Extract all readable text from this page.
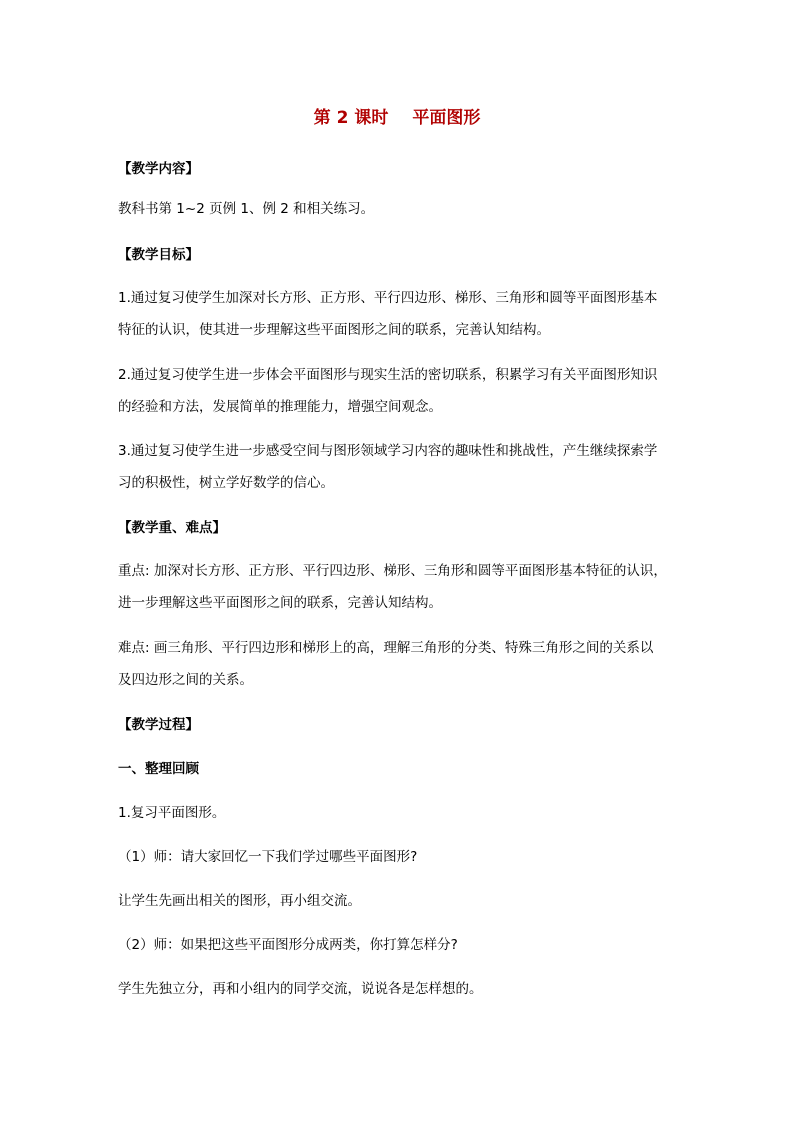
第 2 课时 平面图形
【教学内容】
教科书第 1~2 页例 1、例 2 和相关练习。
【教学目标】
1.通过复习使学生加深对长方形、正方形、平行四边形、梯形、三角形和圆等平面图形基本
特征的认识，使其进一步理解这些平面图形之间的联系，完善认知结构。
2.通过复习使学生进一步体会平面图形与现实生活的密切联系，积累学习有关平面图形知识
的经验和方法，发展简单的推理能力，增强空间观念。
3.通过复习使学生进一步感受空间与图形领域学习内容的趣味性和挑战性，产生继续探索学
习的积极性，树立学好数学的信心。
【教学重、难点】
重点: 加深对长方形、正方形、平行四边形、梯形、三角形和圆等平面图形基本特征的认识，
进一步理解这些平面图形之间的联系，完善认知结构。
难点: 画三角形、平行四边形和梯形上的高，理解三角形的分类、特殊三角形之间的关系以
及四边形之间的关系。
【教学过程】
一、整理回顾
1.复习平面图形。
（1）师：请大家回忆一下我们学过哪些平面图形?
让学生先画出相关的图形，再小组交流。
（2）师：如果把这些平面图形分成两类，你打算怎样分?
学生先独立分，再和小组内的同学交流，说说各是怎样想的。
